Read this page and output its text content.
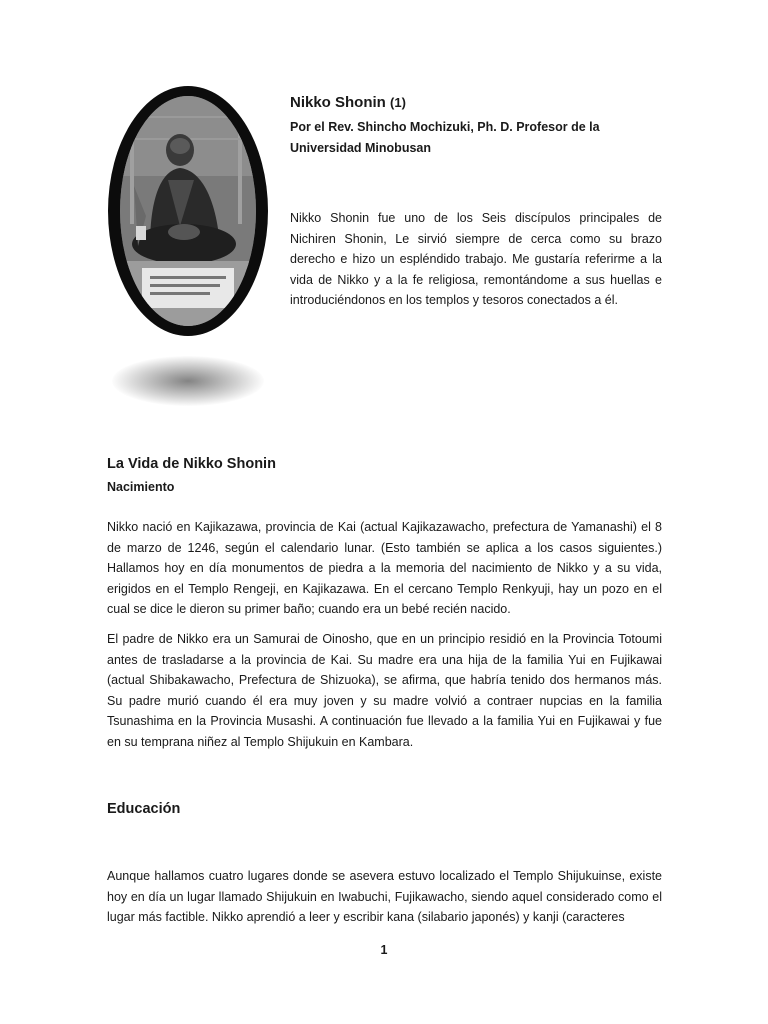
Nikko Shonin (1)

Por el Rev. Shincho Mochizuki, Ph. D. Profesor de la Universidad Minobusan

Nikko Shonin fue uno de los Seis discípulos principales de Nichiren Shonin, Le sirvió siempre de cerca como su brazo derecho e hizo un espléndido trabajo. Me gustaría referirme a la vida de Nikko y a la fe religiosa, remontándome a sus huellas e introduciéndonos en los templos y tesoros conectados a él.

La Vida de Nikko Shonin
Nacimiento

Nikko nació en Kajikazawa, provincia de Kai (actual Kajikazawacho, prefectura de Yamanashi) el 8 de marzo de 1246, según el calendario lunar. (Esto también se aplica a los casos siguientes.) Hallamos hoy en día monumentos de piedra a la memoria del nacimiento de Nikko y a su vida, erigidos en el Templo Rengeji, en Kajikazawa. En el cercano Templo Renkyuji, hay un pozo en el cual se dice le dieron su primer baño; cuando era un bebé recién nacido.

El padre de Nikko era un Samurai de Oinosho, que en un principio residió en la Provincia Totoumi antes de trasladarse a la provincia de Kai. Su madre era una hija de la familia Yui en Fujikawai (actual Shibakawacho, Prefectura de Shizuoka), se afirma, que habría tenido dos hermanos más. Su padre murió cuando él era muy joven y su madre volvió a contraer nupcias en la familia Tsunashima en la Provincia Musashi. A continuación fue llevado a la familia Yui en Fujikawai y fue en su temprana niñez al Templo Shijukuin en Kambara.

Educación

Aunque hallamos cuatro lugares donde se asevera estuvo localizado el Templo Shijukuinse, existe hoy en día un lugar llamado Shijukuin en Iwabuchi, Fujikawacho, siendo aquel considerado como el lugar más factible. Nikko aprendió a leer y escribir kana (silabario japonés) y kanji (caracteres

1
